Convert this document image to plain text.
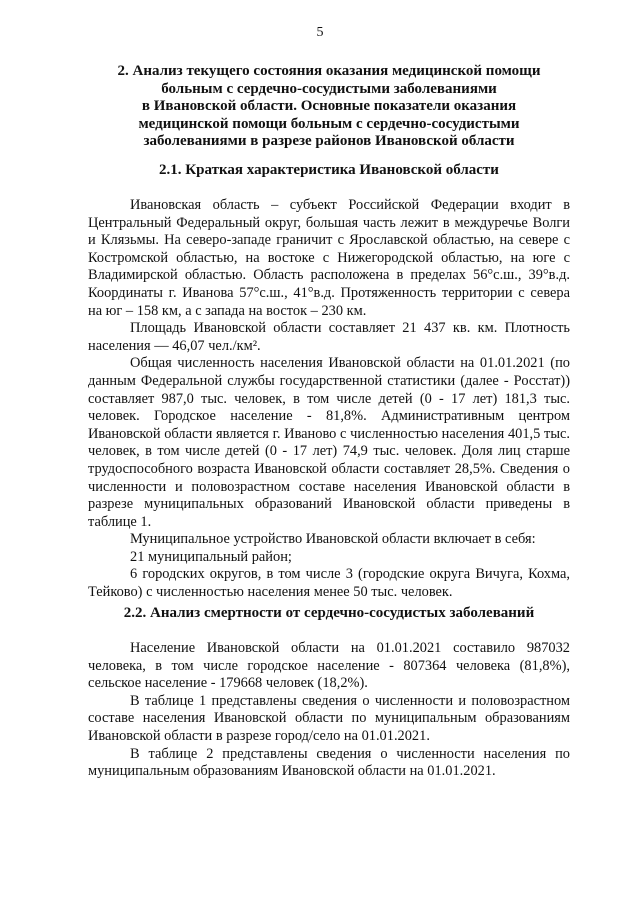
5
2. Анализ текущего состояния оказания медицинской помощи
больным с сердечно-сосудистыми заболеваниями
в Ивановской области. Основные показатели оказания
медицинской помощи больным с сердечно-сосудистыми
заболеваниями в разрезе районов Ивановской области
2.1. Краткая характеристика Ивановской области

Ивановская область – субъект Российской Федерации входит в Центральный Федеральный округ, большая часть лежит в междуречье Волги и Клязьмы. На северо-западе граничит с Ярославской областью, на севере с Костромской областью, на востоке с Нижегородской областью, на юге с Владимирской областью. Область расположена в пределах 56°с.ш., 39°в.д. Координаты г. Иванова 57°с.ш., 41°в.д. Протяженность территории с севера на юг – 158 км, а с запада на восток – 230 км.

Площадь Ивановской области составляет 21 437 кв. км. Плотность населения — 46,07 чел./км².

Общая численность населения Ивановской области на 01.01.2021 (по данным Федеральной службы государственной статистики (далее - Росстат)) составляет 987,0 тыс. человек, в том числе детей (0 - 17 лет) 181,3 тыс. человек. Городское население - 81,8%. Административным центром Ивановской области является г. Иваново с численностью населения 401,5 тыс. человек, в том числе детей (0 - 17 лет) 74,9 тыс. человек. Доля лиц старше трудоспособного возраста Ивановской области составляет 28,5%. Сведения о численности и половозрастном составе населения Ивановской области в разрезе муниципальных образований Ивановской области приведены в таблице 1.

Муниципальное устройство Ивановской области включает в себя:

21 муниципальный район;

6 городских округов, в том числе 3 (городские округа Вичуга, Кохма, Тейково) с численностью населения менее 50 тыс. человек.

2.2. Анализ смертности от сердечно-сосудистых заболеваний

Население Ивановской области на 01.01.2021 составило 987032 человека, в том числе городское население - 807364 человека (81,8%), сельское население - 179668 человек (18,2%).

В таблице 1 представлены сведения о численности и половозрастном составе населения Ивановской области по муниципальным образованиям Ивановской области в разрезе город/село на 01.01.2021.

В таблице 2 представлены сведения о численности населения по муниципальным образованиям Ивановской области на 01.01.2021.
